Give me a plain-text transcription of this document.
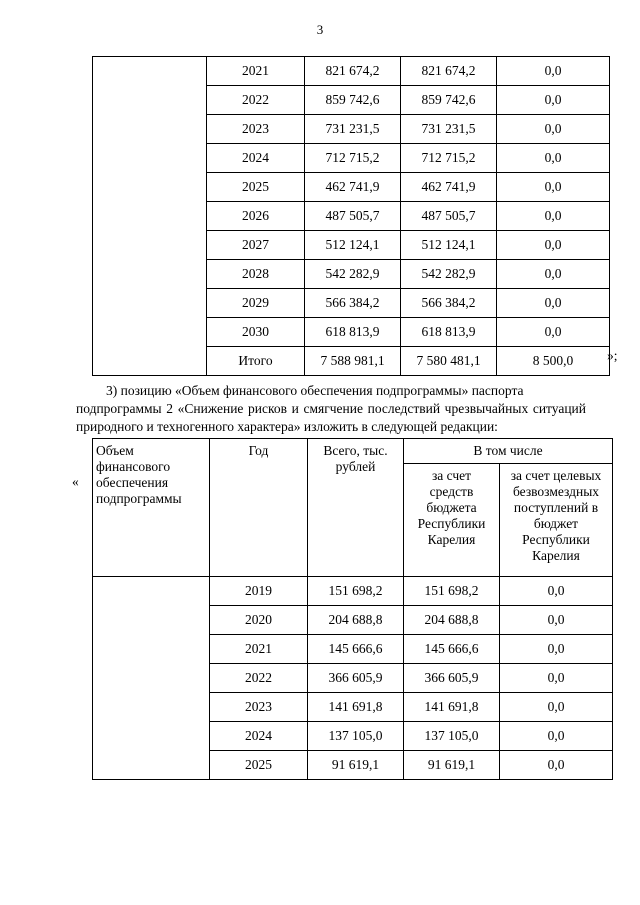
3
	2021	821 674,2	821 674,2	0,0
	2022	859 742,6	859 742,6	0,0
	2023	731 231,5	731 231,5	0,0
	2024	712 715,2	712 715,2	0,0
	2025	462 741,9	462 741,9	0,0
	2026	487 505,7	487 505,7	0,0
	2027	512 124,1	512 124,1	0,0
	2028	542 282,9	542 282,9	0,0
	2029	566 384,2	566 384,2	0,0
	2030	618 813,9	618 813,9	0,0
	Итого	7 588 981,1	7 580 481,1	8 500,0	»;
3) позицию «Объем финансового обеспечения подпрограммы» паспорта
подпрограммы 2 «Снижение рисков и смягчение последствий чрезвычайных ситуаций природного и техногенного характера» изложить в следующей редакции:
«
Объем финансового обеспечения подпрограммы	Год	Всего, тыс. рублей	В том числе	

			за счет средств бюджета Республики Карелия	за счет целевых безвозмездных поступлений в бюджет Республики Карелия

	2019	151 698,2	151 698,2	0,0
	2020	204 688,8	204 688,8	0,0
	2021	145 666,6	145 666,6	0,0
	2022	366 605,9	366 605,9	0,0
	2023	141 691,8	141 691,8	0,0
	2024	137 105,0	137 105,0	0,0
	2025	91 619,1	91 619,1	0,0
